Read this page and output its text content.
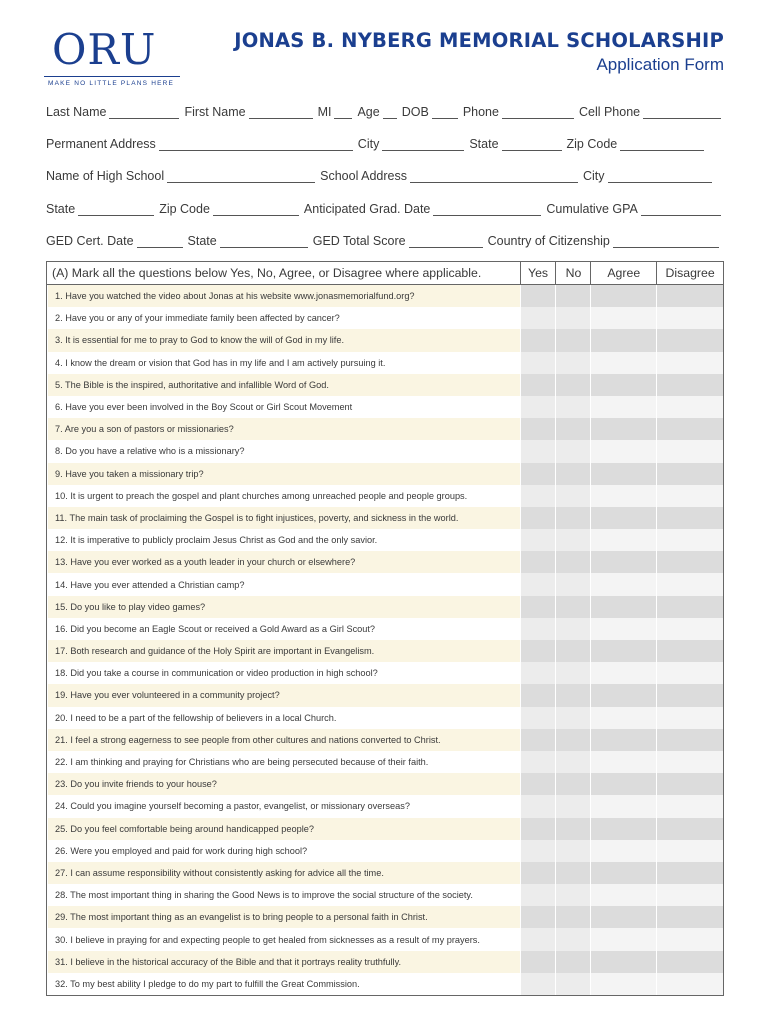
ORU
MAKE NO LITTLE PLANS HERE
JONAS B. NYBERG MEMORIAL SCHOLARSHIP
Application Form
Last Name	First Name	MI Age DOB	Phone	Cell Phone
Permanent Address	City	State	Zip Code
Name of High School	School Address	City
State	Zip Code	Anticipated Grad. Date	Cumulative GPA
GED Cert. Date	State	GED Total Score	Country of Citizenship
(A) Mark all the questions below Yes, No, Agree, or Disagree where applicable.	Yes	No	Agree	Disagree
1. Have you watched the video about Jonas at his website www.jonasmemorialfund.org?
2. Have you or any of your immediate family been affected by cancer?
3. It is essential for me to pray to God to know the will of God in my life.
4. I know the dream or vision that God has in my life and I am actively pursuing it.
5. The Bible is the inspired, authoritative and infallible Word of God.
6. Have you ever been involved in the Boy Scout or Girl Scout Movement
7. Are you a son of pastors or missionaries?
8. Do you have a relative who is a missionary?
9. Have you taken a missionary trip?
10. It is urgent to preach the gospel and plant churches among unreached people and people groups.
11. The main task of proclaiming the Gospel is to fight injustices, poverty, and sickness in the world.
12. It is imperative to publicly proclaim Jesus Christ as God and the only savior.
13. Have you ever worked as a youth leader in your church or elsewhere?
14. Have you ever attended a Christian camp?
15. Do you like to play video games?
16. Did you become an Eagle Scout or received a Gold Award as a Girl Scout?
17. Both research and guidance of the Holy Spirit are important in Evangelism.
18. Did you take a course in communication or video production in high school?
19. Have you ever volunteered in a community project?
20. I need to be a part of the fellowship of believers in a local Church.
21. I feel a strong eagerness to see people from other cultures and nations converted to Christ.
22. I am thinking and praying for Christians who are being persecuted because of their faith.
23. Do you invite friends to your house?
24. Could you imagine yourself becoming a pastor, evangelist, or missionary overseas?
25. Do you feel comfortable being around handicapped people?
26. Were you employed and paid for work during high school?
27. I can assume responsibility without consistently asking for advice all the time.
28. The most important thing in sharing the Good News is to improve the social structure of the society.
29. The most important thing as an evangelist is to bring people to a personal faith in Christ.
30. I believe in praying for and expecting people to get healed from sicknesses as a result of my prayers.
31. I believe in the historical accuracy of the Bible and that it portrays reality truthfully.
32. To my best ability I pledge to do my part to fulfill the Great Commission.
